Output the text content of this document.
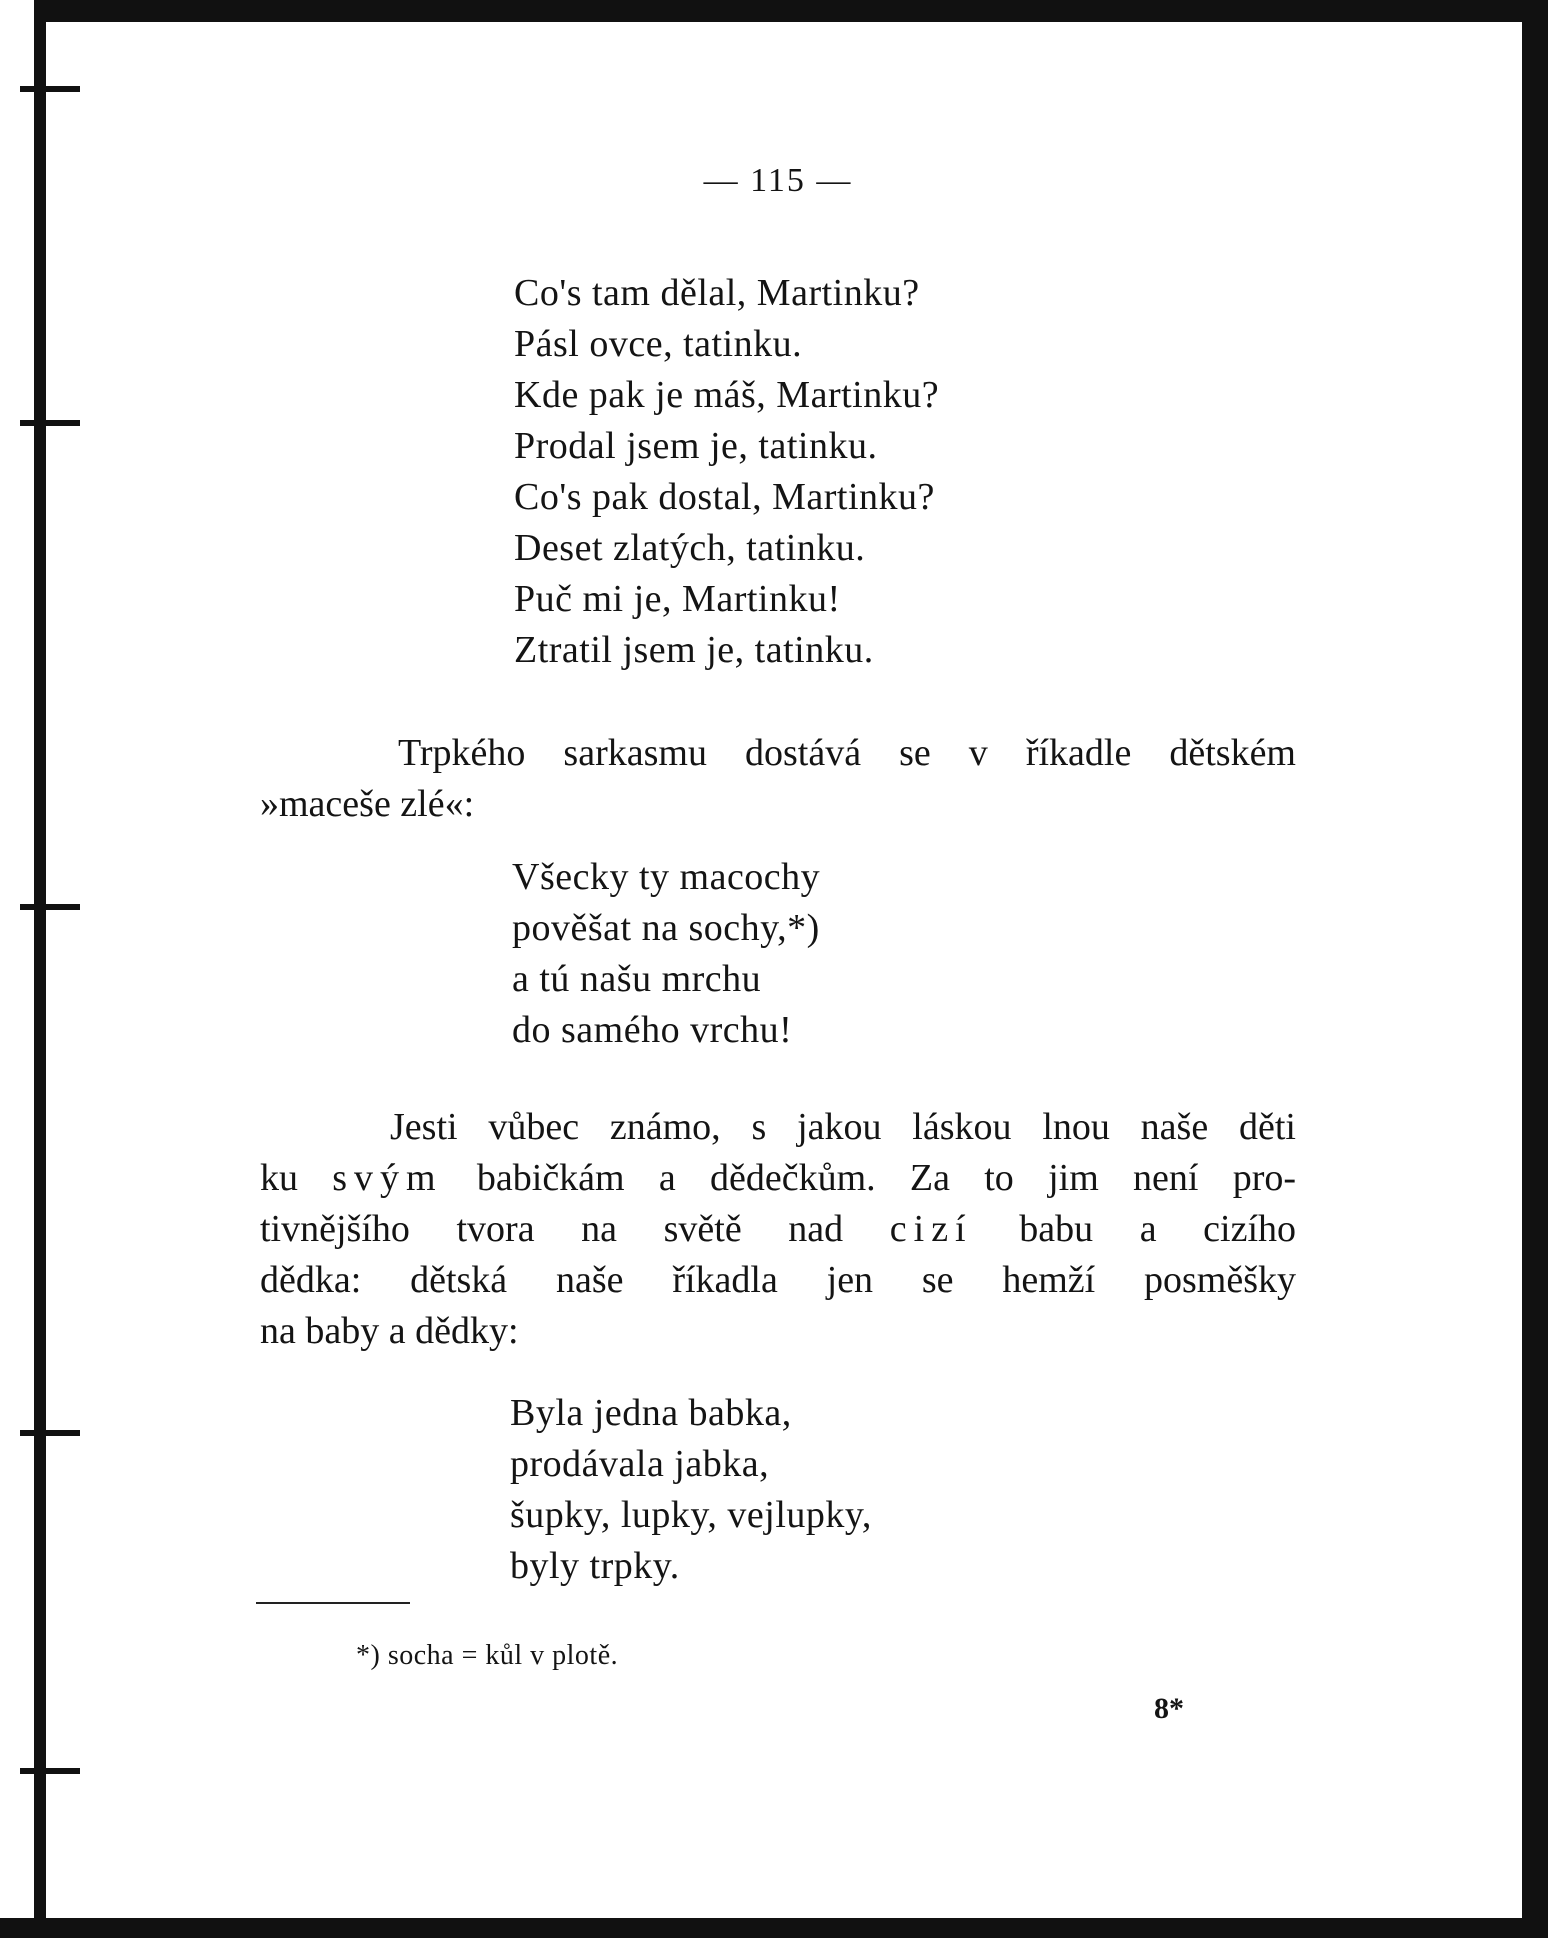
— 115 —
Co's tam dělal, Martinku?
Pásl ovce, tatinku.
Kde pak je máš, Martinku?
Prodal jsem je, tatinku.
Co's pak dostal, Martinku?
Deset zlatých, tatinku.
Puč mi je, Martinku!
Ztratil jsem je, tatinku.
Trpkého sarkasmu dostává se v říkadle dětském
»maceše zlé«:
Všecky ty macochy
pověšat na sochy,*)
a tú našu mrchu
do samého vrchu!
Jesti vůbec známo, s jakou láskou lnou naše děti
ku svým babičkám a dědečkům. Za to jim není pro-
tivnějšího tvora na světě nad cizí babu a cizího
dědka: dětská naše říkadla jen se hemží posměšky
na baby a dědky:
Byla jedna babka,
prodávala jabka,
šupky, lupky, vejlupky,
byly trpky.
*) socha = kůl v plotě.
8*
